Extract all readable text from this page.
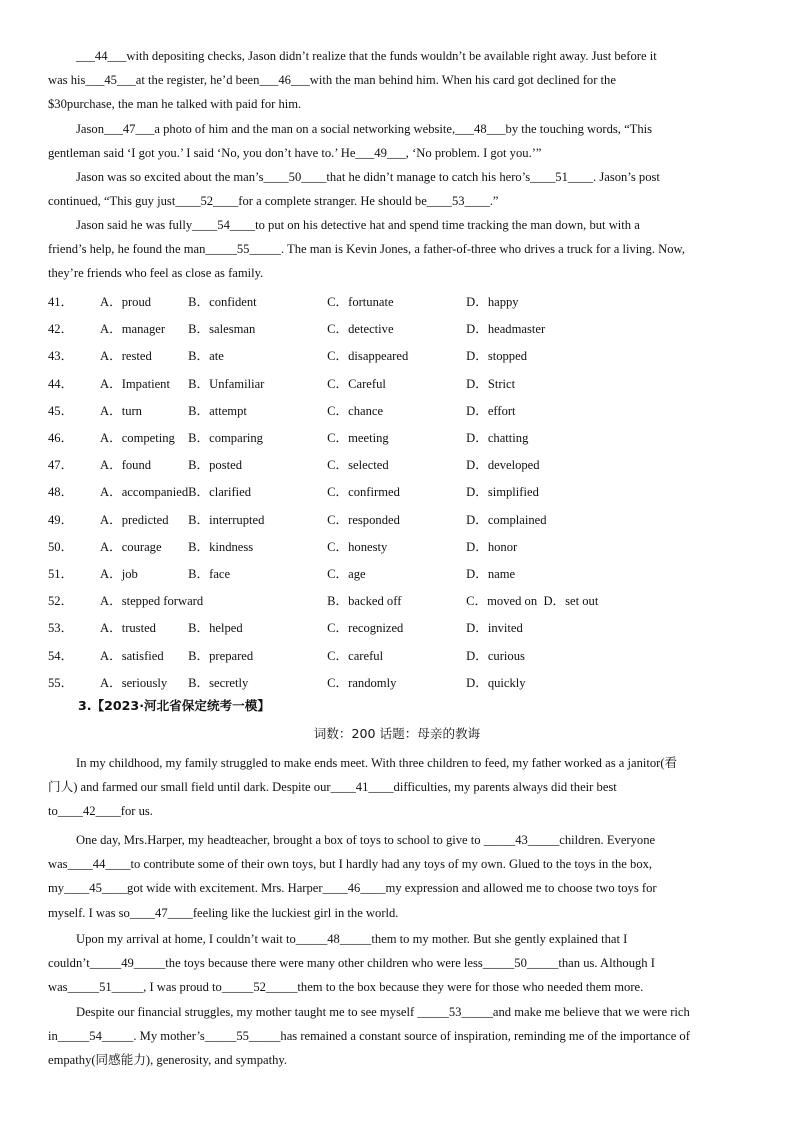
___44___with depositing checks, Jason didn’t realize that the funds wouldn’t be available right away. Just before it
was his___45___at the register, he’d been___46___with the man behind him. When his card got declined for the
$30purchase, the man he talked with paid for him.

Jason___47___a photo of him and the man on a social networking website,___48___by the touching words, “This
gentleman said ‘I got you.’ I said ‘No, you don’t have to.’ He___49___, ‘No problem. I got you.’”

Jason was so excited about the man’s____50____that he didn’t manage to catch his hero’s____51____. Jason’s post
continued, “This guy just____52____for a complete stranger. He should be____53____.”

Jason said he was fully____54____to put on his detective hat and spend time tracking the man down, but with a
friend’s help, he found the man_____55_____. The man is Kevin Jones, a father-of-three who drives a truck for a living. Now,
they’re friends who feel as close as family.

41．	A．proud	B．confident	C．fortunate	D．happy
42．	A．manager	B．salesman	C．detective	D．headmaster
43．	A．rested	B．ate	C．disappeared	D．stopped
44．	A．Impatient	B．Unfamiliar	C．Careful	D．Strict
45．	A．turn	B．attempt	C．chance	D．effort
46．	A．competing	B．comparing	C．meeting	D．chatting
47．	A．found	B．posted	C．selected	D．developed
48．	A．accompanied	B．clarified	C．confirmed	D．simplified
49．	A．predicted	B．interrupted	C．responded	D．complained
50．	A．courage	B．kindness	C．honesty	D．honor
51．	A．job	B．face	C．age	D．name
52．	A．stepped forward		B．backed off	C．moved on D．set out
53．	A．trusted	B．helped	C．recognized	D．invited
54．	A．satisfied	B．prepared	C．careful	D．curious
55．	A．seriously	B．secretly	C．randomly	D．quickly
3.【2023·河北省保定统考一模】
词数：200 话题：母亲的教诲

In my childhood, my family struggled to make ends meet. With three children to feed, my father worked as a janitor(看
门人) and farmed our small field until dark. Despite our____41____difficulties, my parents always did their best
to____42____for us.

One day, Mrs.Harper, my headteacher, brought a box of toys to school to give to _____43_____children. Everyone
was____44____to contribute some of their own toys, but I hardly had any toys of my own. Glued to the toys in the box,
my____45____got wide with excitement. Mrs. Harper____46____my expression and allowed me to choose two toys for
myself. I was so____47____feeling like the luckiest girl in the world.

Upon my arrival at home, I couldn’t wait to_____48_____them to my mother. But she gently explained that I
couldn’t_____49_____the toys because there were many other children who were less_____50_____than us. Although I
was_____51_____, I was proud to_____52_____them to the box because they were for those who needed them more.

Despite our financial struggles, my mother taught me to see myself _____53_____and make me believe that we were rich
in_____54_____. My mother’s_____55_____has remained a constant source of inspiration, reminding me of the importance of
empathy(同感能力), generosity, and sympathy.
